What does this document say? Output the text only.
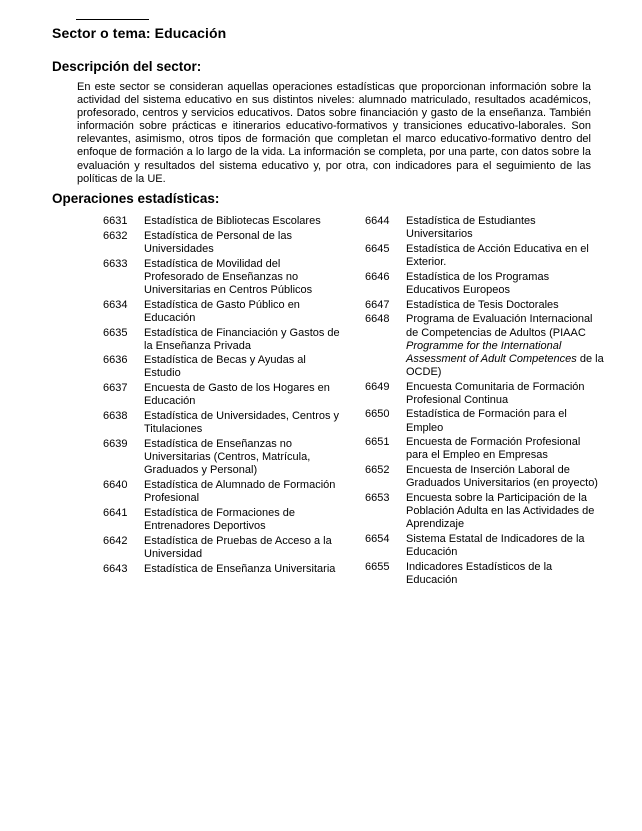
Sector o tema: Educación
Descripción del sector:
En este sector se consideran aquellas operaciones estadísticas que proporcionan información sobre la actividad del sistema educativo en sus distintos niveles: alumnado matriculado, resultados académicos, profesorado, centros y servicios educativos. Datos sobre financiación y gasto de la enseñanza. También información sobre prácticas e itinerarios educativo-formativos y transiciones educativo-laborales. Son relevantes, asimismo, otros tipos de formación que completan el marco educativo-formativo dentro del enfoque de formación a lo largo de la vida. La información se completa, por una parte, con datos sobre la evaluación y resultados del sistema educativo y, por otra, con indicadores para el seguimiento de las políticas de la UE.
Operaciones estadísticas:
6631	Estadística de Bibliotecas Escolares
6632	Estadística de Personal de las Universidades
6633	Estadística de Movilidad del Profesorado de Enseñanzas no Universitarias en Centros Públicos
6634	Estadística de Gasto Público en Educación
6635	Estadística de Financiación y Gastos de la Enseñanza Privada
6636	Estadística de Becas y Ayudas al Estudio
6637	Encuesta de Gasto de los Hogares en Educación
6638	Estadística de Universidades, Centros y Titulaciones
6639	Estadística de Enseñanzas no Universitarias (Centros, Matrícula, Graduados y Personal)
6640	Estadística de Alumnado de Formación Profesional
6641	Estadística de Formaciones de Entrenadores Deportivos
6642	Estadística de Pruebas de Acceso a la Universidad
6643	Estadística de Enseñanza Universitaria
6644	Estadística de Estudiantes Universitarios
6645	Estadística de Acción Educativa en el Exterior.
6646	Estadística de los Programas Educativos Europeos
6647	Estadística de Tesis Doctorales
6648	Programa de Evaluación Internacional de Competencias de Adultos (PIAAC Programme for the International Assessment of Adult Competences de la OCDE)
6649	Encuesta Comunitaria de Formación Profesional Continua
6650	Estadística de Formación para el Empleo
6651	Encuesta de Formación Profesional para el Empleo en Empresas
6652	Encuesta de Inserción Laboral de Graduados Universitarios (en proyecto)
6653	Encuesta sobre la Participación de la Población Adulta en las Actividades de Aprendizaje
6654	Sistema Estatal de Indicadores de la Educación
6655	Indicadores Estadísticos de la Educación
